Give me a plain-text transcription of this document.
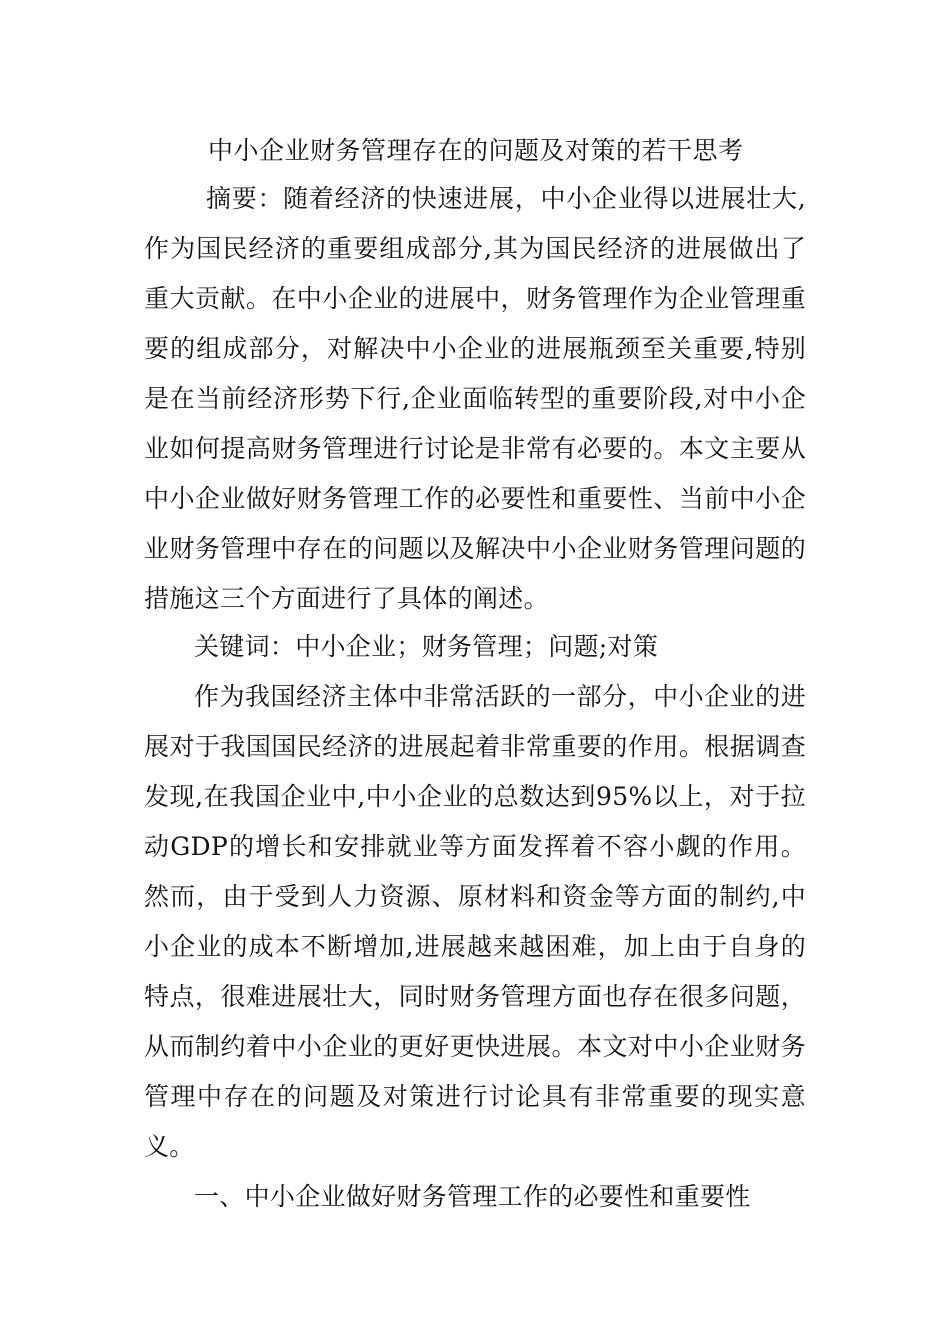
中小企业财务管理存在的问题及对策的若干思考

摘要：随着经济的快速进展，中小企业得以进展壮大,作为国民经济的重要组成部分,其为国民经济的进展做出了重大贡献。在中小企业的进展中，财务管理作为企业管理重要的组成部分，对解决中小企业的进展瓶颈至关重要,特别是在当前经济形势下行,企业面临转型的重要阶段,对中小企业如何提高财务管理进行讨论是非常有必要的。本文主要从中小企业做好财务管理工作的必要性和重要性、当前中小企业财务管理中存在的问题以及解决中小企业财务管理问题的措施这三个方面进行了具体的阐述。

关键词：中小企业；财务管理；问题;对策

作为我国经济主体中非常活跃的一部分，中小企业的进展对于我国国民经济的进展起着非常重要的作用。根据调查发现,在我国企业中,中小企业的总数达到95%以上，对于拉动GDP的增长和安排就业等方面发挥着不容小觑的作用。然而，由于受到人力资源、原材料和资金等方面的制约,中小企业的成本不断增加,进展越来越困难，加上由于自身的特点，很难进展壮大，同时财务管理方面也存在很多问题，从而制约着中小企业的更好更快进展。本文对中小企业财务管理中存在的问题及对策进行讨论具有非常重要的现实意义。

一、中小企业做好财务管理工作的必要性和重要性
